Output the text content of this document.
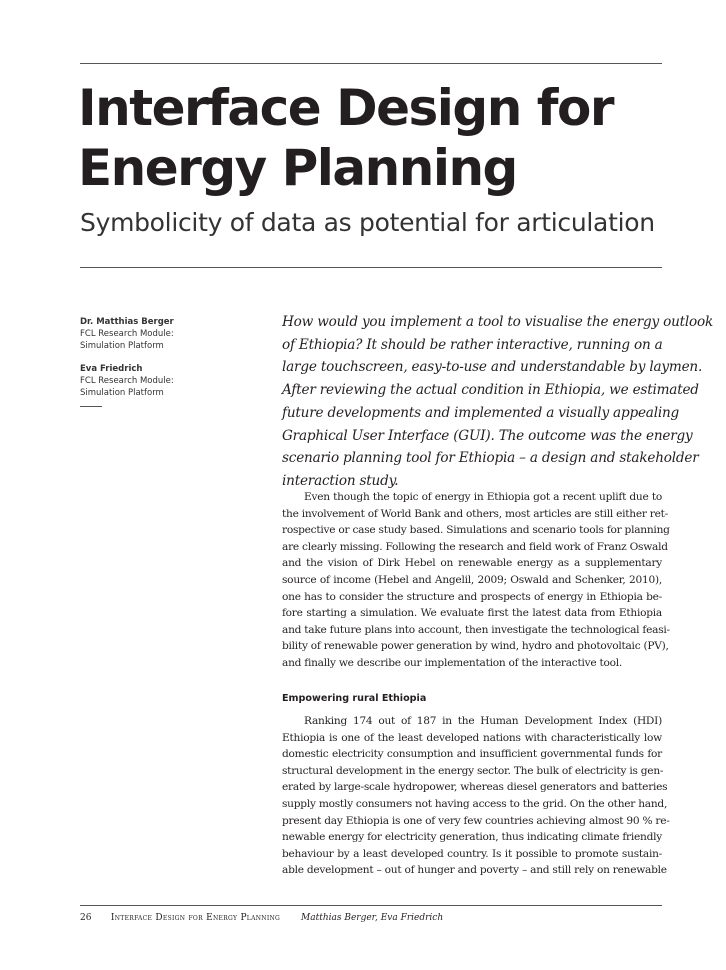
Interface Design for
Energy Planning
Symbolicity of data as potential for articulation
Dr. Matthias Berger
FCL Research Module:
Simulation Platform
Eva Friedrich
FCL Research Module:
Simulation Platform
How would you implement a tool to visualise the energy outlook
of Ethiopia? It should be rather interactive, running on a
large touchscreen, easy-to-use and understandable by laymen.
After reviewing the actual condition in Ethiopia, we estimated
future developments and implemented a visually appealing
Graphical User Interface (GUI). The outcome was the energy
scenario planning tool for Ethiopia – a design and stakeholder
interaction study.
Even though the topic of energy in Ethiopia got a recent uplift due to
the involvement of World Bank and others, most articles are still either ret-
rospective or case study based. Simulations and scenario tools for planning
are clearly missing. Following the research and field work of Franz Oswald
and the vision of Dirk Hebel on renewable energy as a supplementary
source of income (Hebel and Angelil, 2009; Oswald and Schenker, 2010),
one has to consider the structure and prospects of energy in Ethiopia be-
fore starting a simulation. We evaluate first the latest data from Ethiopia
and take future plans into account, then investigate the technological feasi-
bility of renewable power generation by wind, hydro and photovoltaic (PV),
and finally we describe our implementation of the interactive tool.
Empowering rural Ethiopia
Ranking 174 out of 187 in the Human Development Index (HDI)
Ethiopia is one of the least developed nations with characteristically low
domestic electricity consumption and insufficient governmental funds for
structural development in the energy sector. The bulk of electricity is gen-
erated by large-scale hydropower, whereas diesel generators and batteries
supply mostly consumers not having access to the grid. On the other hand,
present day Ethiopia is one of very few countries achieving almost 90 % re-
newable energy for electricity generation, thus indicating climate friendly
behaviour by a least developed country. Is it possible to promote sustain-
able development – out of hunger and poverty – and still rely on renewable
26 Interface Design for Energy Planning Matthias Berger, Eva Friedrich
